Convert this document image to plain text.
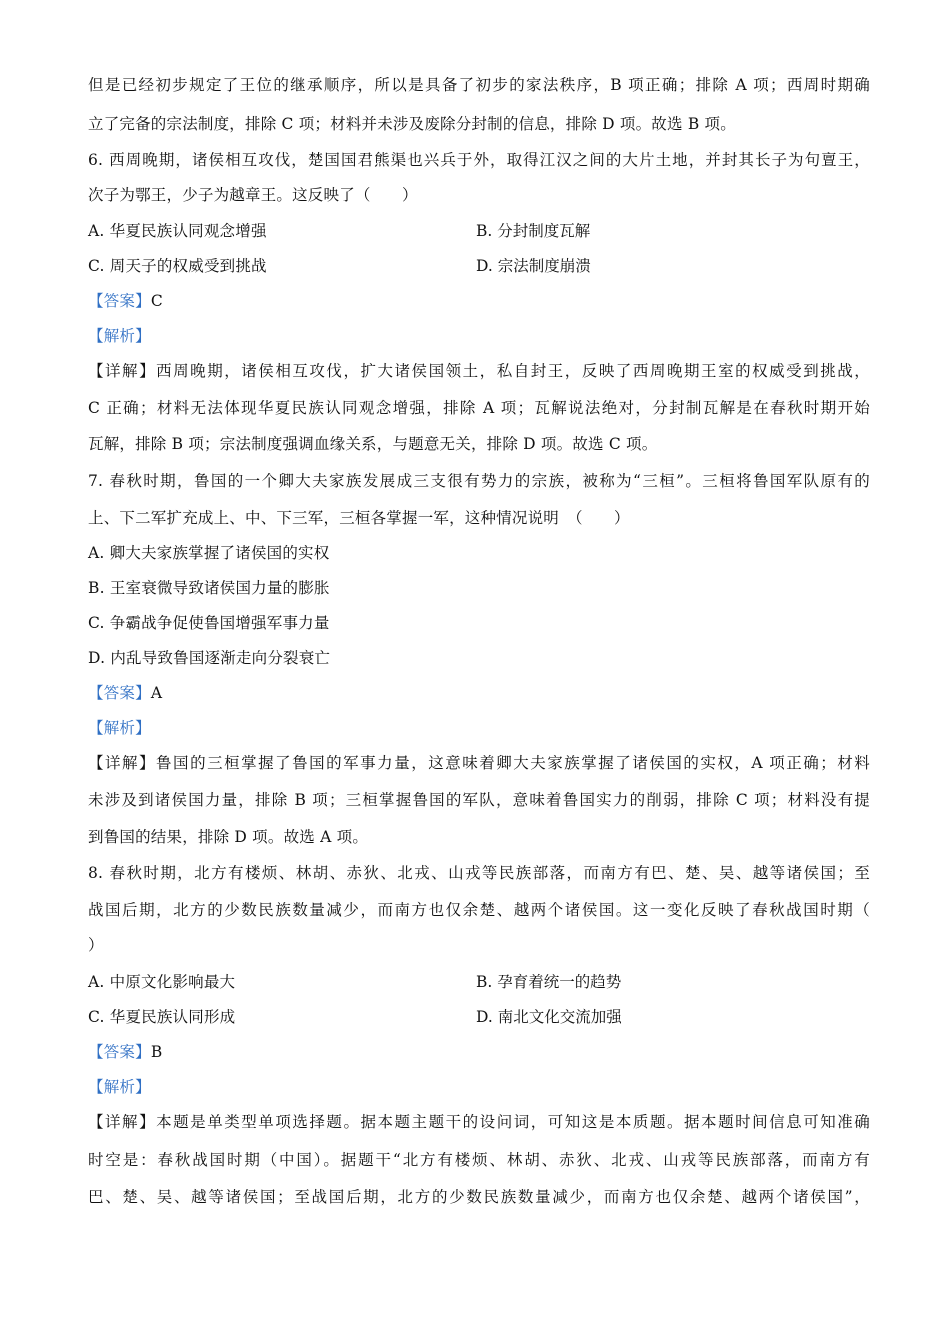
但是已经初步规定了王位的继承顺序，所以是具备了初步的家法秩序，B 项正确；排除 A 项；西周时期确
立了完备的宗法制度，排除 C 项；材料并未涉及废除分封制的信息，排除 D 项。故选 B 项。
6. 西周晚期，诸侯相互攻伐，楚国国君熊渠也兴兵于外，取得江汉之间的大片土地，并封其长子为句亶王，
次子为鄂王，少子为越章王。这反映了（　　）
A. 华夏民族认同观念增强	B. 分封制度瓦解
C. 周天子的权威受到挑战	D. 宗法制度崩溃
【答案】C
【解析】
【详解】西周晚期，诸侯相互攻伐，扩大诸侯国领土，私自封王，反映了西周晚期王室的权威受到挑战，
C 正确；材料无法体现华夏民族认同观念增强，排除 A 项；瓦解说法绝对，分封制瓦解是在春秋时期开始
瓦解，排除 B 项；宗法制度强调血缘关系，与题意无关，排除 D 项。故选 C 项。
7. 春秋时期，鲁国的一个卿大夫家族发展成三支很有势力的宗族，被称为“三桓”。三桓将鲁国军队原有的
上、下二军扩充成上、中、下三军，三桓各掌握一军，这种情况说明　（　　）
A. 卿大夫家族掌握了诸侯国的实权
B. 王室衰微导致诸侯国力量的膨胀
C. 争霸战争促使鲁国增强军事力量
D. 内乱导致鲁国逐渐走向分裂衰亡
【答案】A
【解析】
【详解】鲁国的三桓掌握了鲁国的军事力量，这意味着卿大夫家族掌握了诸侯国的实权，A 项正确；材料
未涉及到诸侯国力量，排除 B 项；三桓掌握鲁国的军队，意味着鲁国实力的削弱，排除 C 项；材料没有提
到鲁国的结果，排除 D 项。故选 A 项。
8. 春秋时期，北方有楼烦、林胡、赤狄、北戎、山戎等民族部落，而南方有巴、楚、吴、越等诸侯国；至
战国后期，北方的少数民族数量减少，而南方也仅余楚、越两个诸侯国。这一变化反映了春秋战国时期（
）
A. 中原文化影响最大	B. 孕育着统一的趋势
C. 华夏民族认同形成	D. 南北文化交流加强
【答案】B
【解析】
【详解】本题是单类型单项选择题。据本题主题干的设问词，可知这是本质题。据本题时间信息可知准确
时空是：春秋战国时期（中国）。据题干“北方有楼烦、林胡、赤狄、北戎、山戎等民族部落，而南方有
巴、楚、吴、越等诸侯国；至战国后期，北方的少数民族数量减少，而南方也仅余楚、越两个诸侯国”，
